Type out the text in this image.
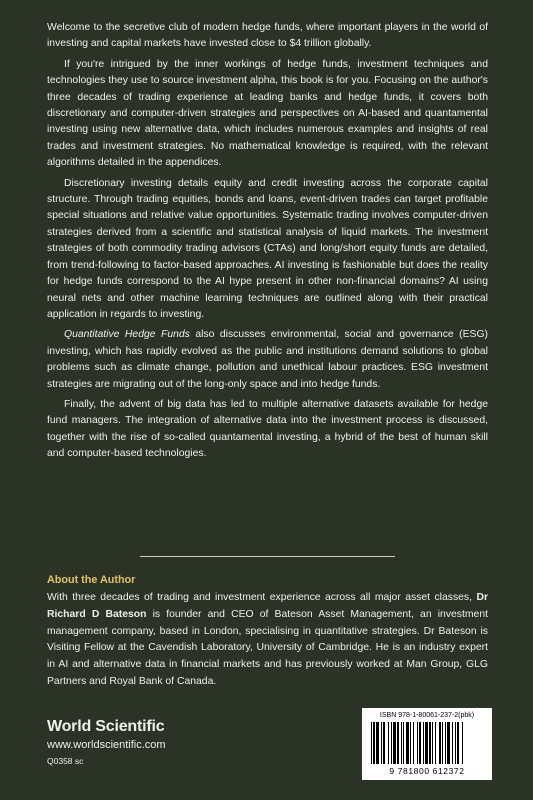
Welcome to the secretive club of modern hedge funds, where important players in the world of investing and capital markets have invested close to $4 trillion globally.

If you're intrigued by the inner workings of hedge funds, investment techniques and technologies they use to source investment alpha, this book is for you. Focusing on the author's three decades of trading experience at leading banks and hedge funds, it covers both discretionary and computer-driven strategies and perspectives on AI-based and quantamental investing using new alternative data, which includes numerous examples and insights of real trades and investment strategies. No mathematical knowledge is required, with the relevant algorithms detailed in the appendices.

Discretionary investing details equity and credit investing across the corporate capital structure. Through trading equities, bonds and loans, event-driven trades can target profitable special situations and relative value opportunities. Systematic trading involves computer-driven strategies derived from a scientific and statistical analysis of liquid markets. The investment strategies of both commodity trading advisors (CTAs) and long/short equity funds are detailed, from trend-following to factor-based approaches. AI investing is fashionable but does the reality for hedge funds correspond to the AI hype present in other non-financial domains? AI using neural nets and other machine learning techniques are outlined along with their practical application in regards to investing.

Quantitative Hedge Funds also discusses environmental, social and governance (ESG) investing, which has rapidly evolved as the public and institutions demand solutions to global problems such as climate change, pollution and unethical labour practices. ESG investment strategies are migrating out of the long-only space and into hedge funds.

Finally, the advent of big data has led to multiple alternative datasets available for hedge fund managers. The integration of alternative data into the investment process is discussed, together with the rise of so-called quantamental investing, a hybrid of the best of human skill and computer-based technologies.

About the Author

With three decades of trading and investment experience across all major asset classes, Dr Richard D Bateson is founder and CEO of Bateson Asset Management, an investment management company, based in London, specialising in quantitative strategies. Dr Bateson is Visiting Fellow at the Cavendish Laboratory, University of Cambridge. He is an industry expert in AI and alternative data in financial markets and has previously worked at Man Group, GLG Partners and Royal Bank of Canada.

World Scientific

www.worldscientific.com

Q0358 sc

ISBN 978-1-80061-237-2(pbk)
9 781800 612372
